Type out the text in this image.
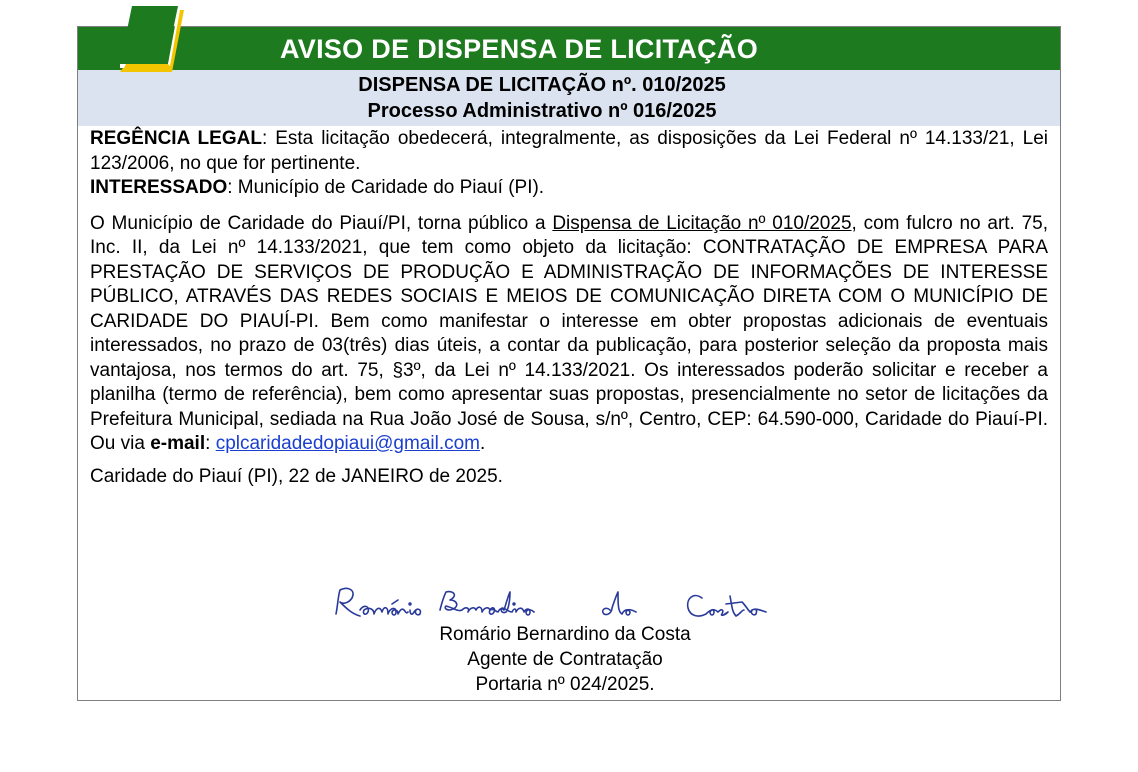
AVISO DE DISPENSA DE LICITAÇÃO
DISPENSA DE LICITAÇÃO nº. 010/2025
Processo Administrativo nº 016/2025

REGÊNCIA LEGAL: Esta licitação obedecerá, integralmente, as disposições da Lei Federal nº 14.133/21, Lei 123/2006, no que for pertinente.

INTERESSADO: Município de Caridade do Piauí (PI).

O Município de Caridade do Piauí/PI, torna público a Dispensa de Licitação nº 010/2025, com fulcro no art. 75, Inc. II, da Lei nº 14.133/2021, que tem como objeto da licitação: CONTRATAÇÃO DE EMPRESA PARA PRESTAÇÃO DE SERVIÇOS DE PRODUÇÃO E ADMINISTRAÇÃO DE INFORMAÇÕES DE INTERESSE PÚBLICO, ATRAVÉS DAS REDES SOCIAIS E MEIOS DE COMUNICAÇÃO DIRETA COM O MUNICÍPIO DE CARIDADE DO PIAUÍ-PI. Bem como manifestar o interesse em obter propostas adicionais de eventuais interessados, no prazo de 03(três) dias úteis, a contar da publicação, para posterior seleção da proposta mais vantajosa, nos termos do art. 75, §3º, da Lei nº 14.133/2021. Os interessados poderão solicitar e receber a planilha (termo de referência), bem como apresentar suas propostas, presencialmente no setor de licitações da Prefeitura Municipal, sediada na Rua João José de Sousa, s/nº, Centro, CEP: 64.590-000, Caridade do Piauí-PI. Ou via e-mail: cplcaridadedopiaui@gmail.com.

Caridade do Piauí (PI), 22 de JANEIRO de 2025.

Romário Bernardino da Costa
Agente de Contratação
Portaria nº 024/2025.
